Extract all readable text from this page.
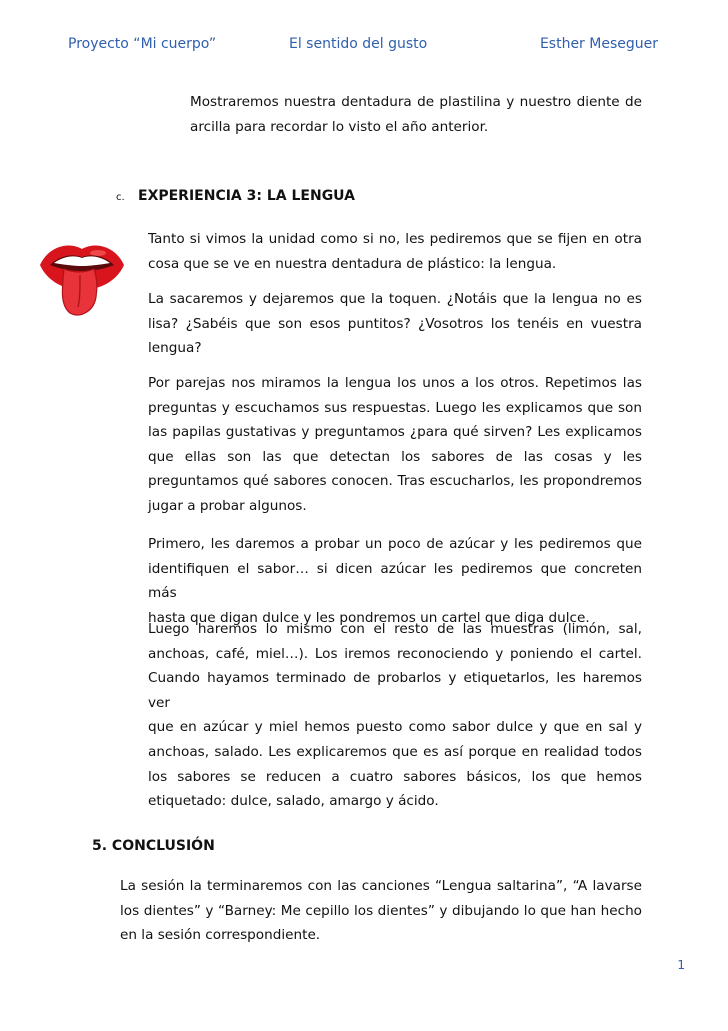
Proyecto “Mi cuerpo”	El sentido del gusto	Esther Meseguer
Mostraremos nuestra dentadura de plastilina y nuestro diente de
arcilla para recordar lo visto el año anterior.
c. EXPERIENCIA 3: LA LENGUA
Tanto si vimos la unidad como si no, les pediremos que se fijen en otra
cosa que se ve en nuestra dentadura de plástico: la lengua.
La sacaremos y dejaremos que la toquen. ¿Notáis que la lengua no es
lisa? ¿Sabéis que son esos puntitos? ¿Vosotros los tenéis en vuestra
lengua?
Por parejas nos miramos la lengua los unos a los otros. Repetimos las
preguntas y escuchamos sus respuestas. Luego les explicamos que son
las papilas gustativas y preguntamos ¿para qué sirven? Les explicamos
que ellas son las que detectan los sabores de las cosas y les
preguntamos qué sabores conocen. Tras escucharlos, les propondremos
jugar a probar algunos.
Primero, les daremos a probar un poco de azúcar y les pediremos que
identifiquen el sabor… si dicen azúcar les pediremos que concreten más
hasta que digan dulce y les pondremos un cartel que diga dulce.
Luego haremos lo mismo con el resto de las muestras (limón, sal,
anchoas, café, miel…). Los iremos reconociendo y poniendo el cartel.
Cuando hayamos terminado de probarlos y etiquetarlos, les haremos ver
que en azúcar y miel hemos puesto como sabor dulce y que en sal y
anchoas, salado. Les explicaremos que es así porque en realidad todos
los sabores se reducen a cuatro sabores básicos, los que hemos
etiquetado: dulce, salado, amargo y ácido.
5. CONCLUSIÓN
La sesión la terminaremos con las canciones “Lengua saltarina”, “A lavarse
los dientes” y “Barney: Me cepillo los dientes” y dibujando lo que han hecho
en la sesión correspondiente.
1
